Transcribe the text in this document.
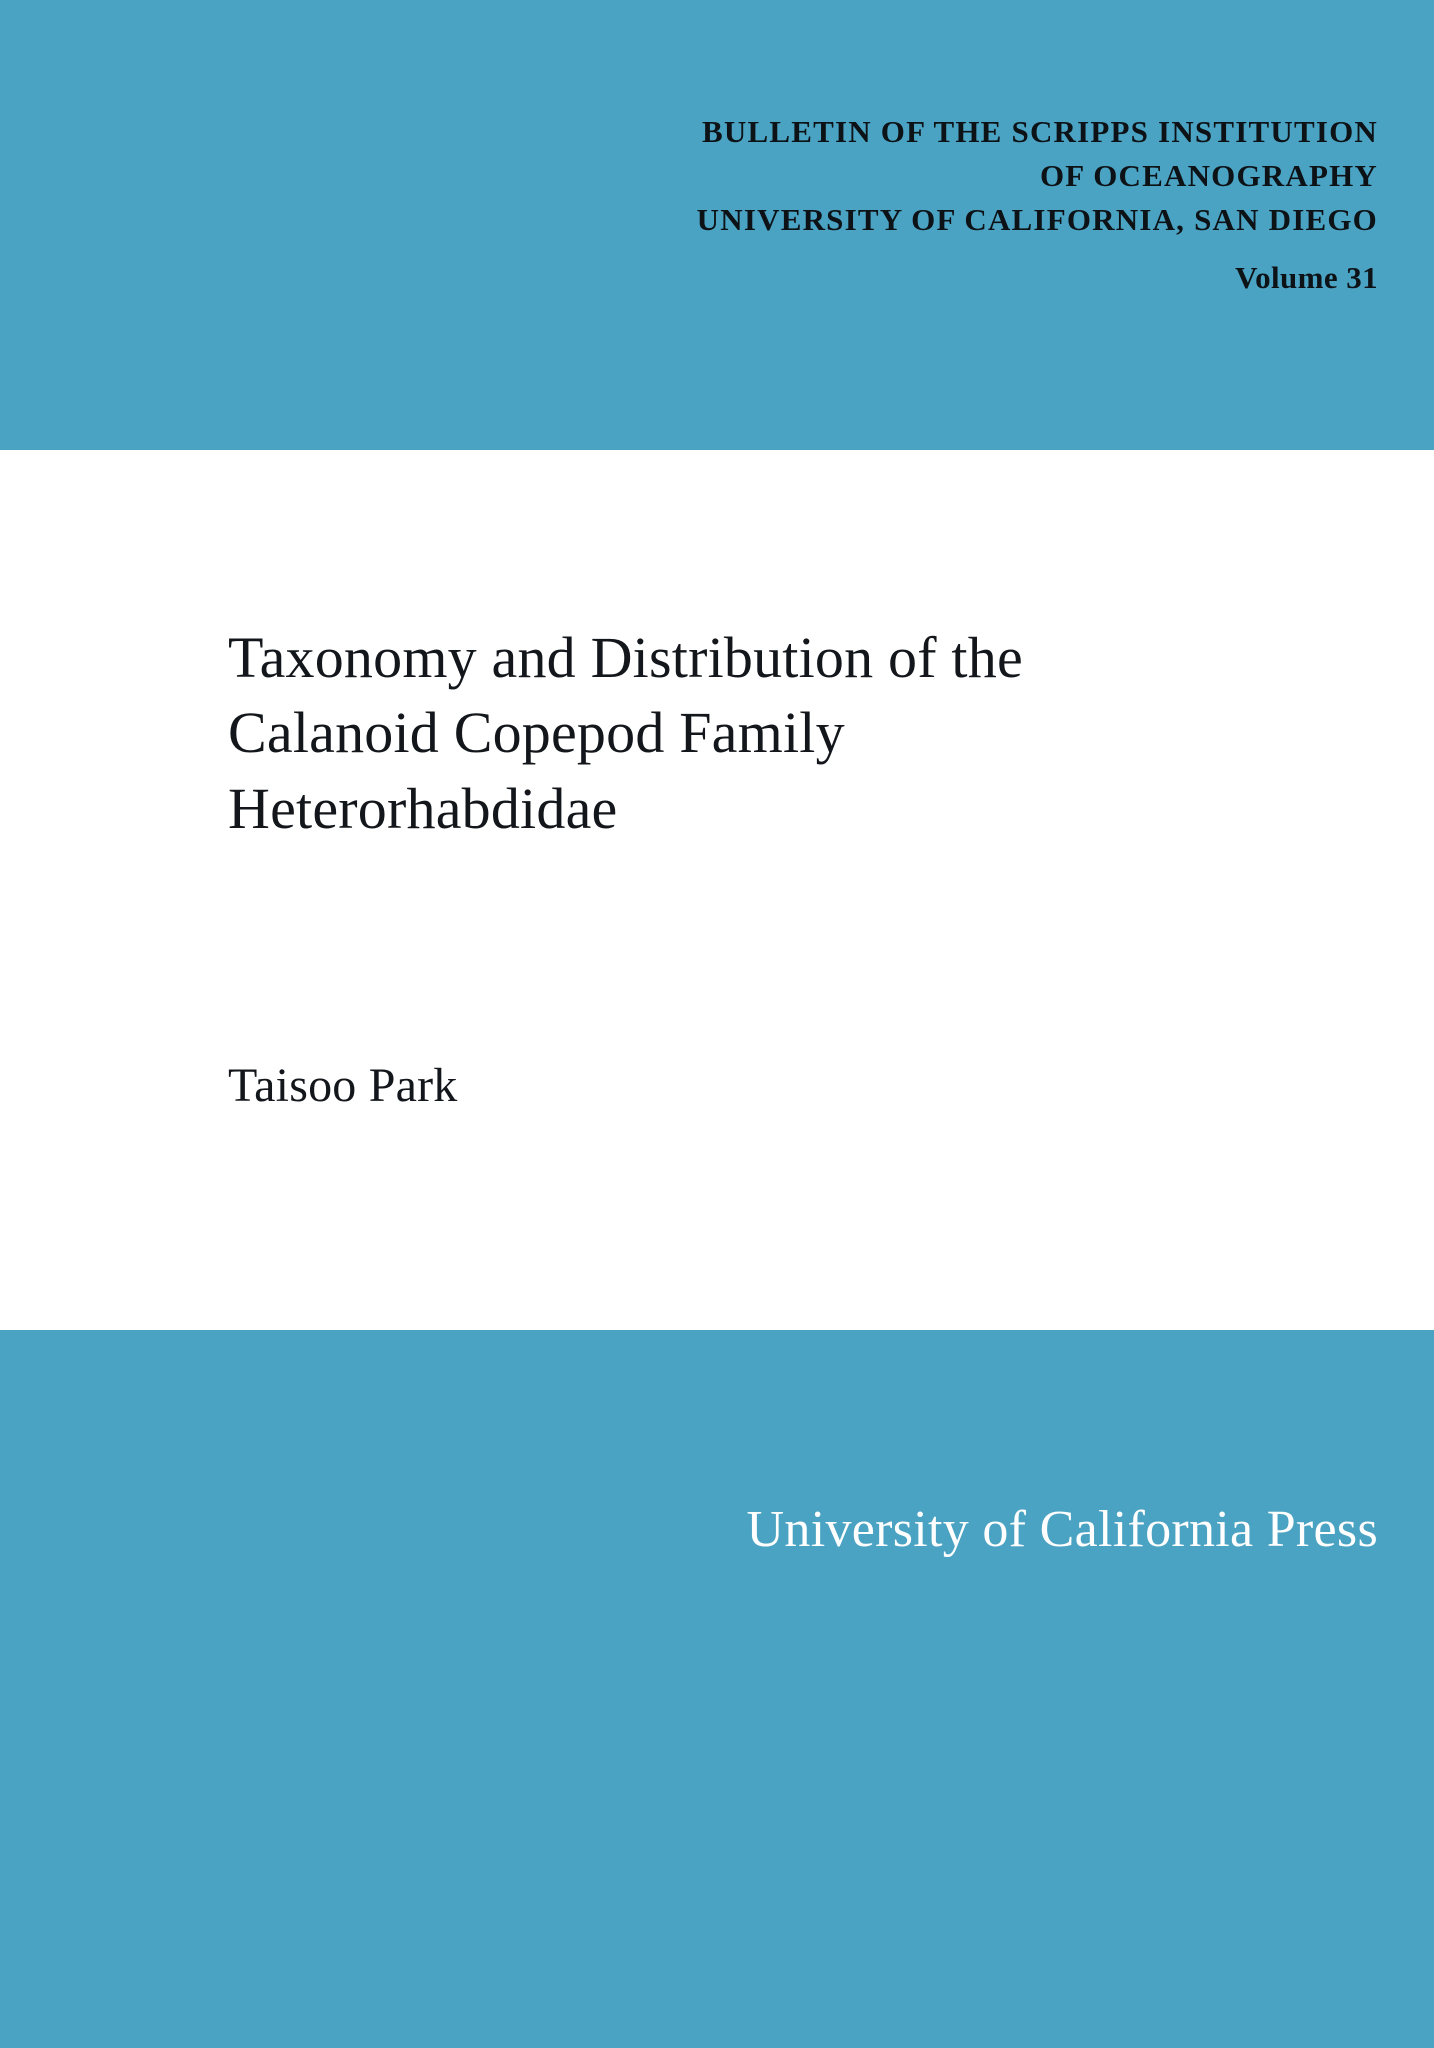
BULLETIN OF THE SCRIPPS INSTITUTION
OF OCEANOGRAPHY
UNIVERSITY OF CALIFORNIA, SAN DIEGO
Volume 31
Taxonomy and Distribution of the Calanoid Copepod Family Heterorhabdidae
Taisoo Park
University of California Press
